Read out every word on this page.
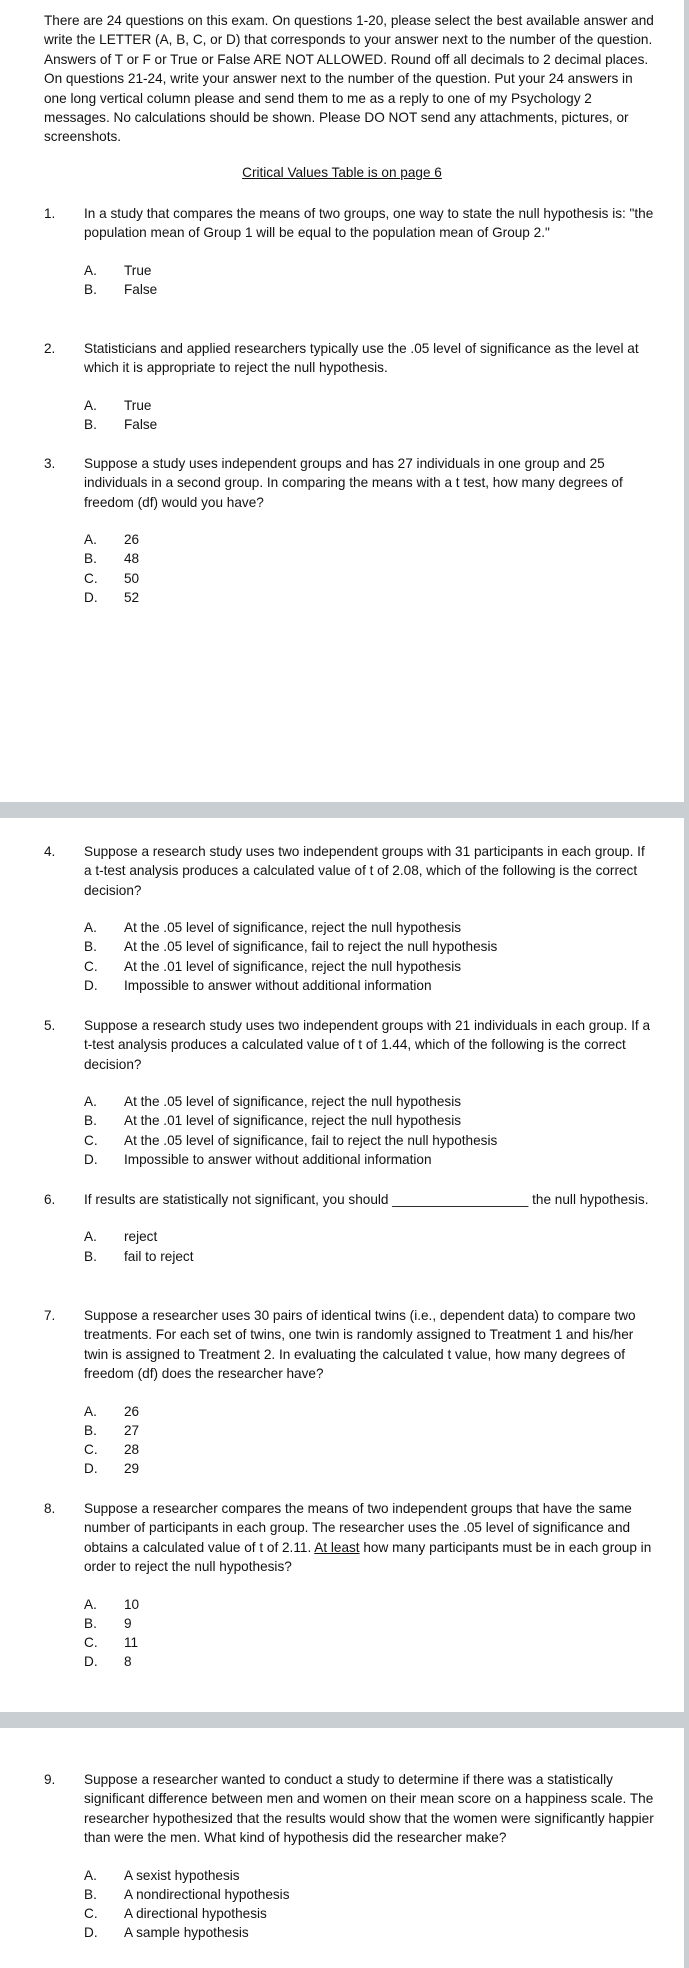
There are 24 questions on this exam. On questions 1-20, please select the best available answer and write the LETTER (A, B, C, or D) that corresponds to your answer next to the number of the question. Answers of T or F or True or False ARE NOT ALLOWED. Round off all decimals to 2 decimal places. On questions 21-24, write your answer next to the number of the question. Put your 24 answers in one long vertical column please and send them to me as a reply to one of my Psychology 2 messages. No calculations should be shown. Please DO NOT send any attachments, pictures, or screenshots.

Critical Values Table is on page 6

1. In a study that compares the means of two groups, one way to state the null hypothesis is: "the population mean of Group 1 will be equal to the population mean of Group 2."
A. True
B. False
2. Statisticians and applied researchers typically use the .05 level of significance as the level at which it is appropriate to reject the null hypothesis.
A. True
B. False
3. Suppose a study uses independent groups and has 27 individuals in one group and 25 individuals in a second group. In comparing the means with a t test, how many degrees of freedom (df) would you have?
A. 26
B. 48
C. 50
D. 52
4. Suppose a research study uses two independent groups with 31 participants in each group. If a t-test analysis produces a calculated value of t of 2.08, which of the following is the correct decision?
A. At the .05 level of significance, reject the null hypothesis
B. At the .05 level of significance, fail to reject the null hypothesis
C. At the .01 level of significance, reject the null hypothesis
D. Impossible to answer without additional information
5. Suppose a research study uses two independent groups with 21 individuals in each group. If a t-test analysis produces a calculated value of t of 1.44, which of the following is the correct decision?
A. At the .05 level of significance, reject the null hypothesis
B. At the .01 level of significance, reject the null hypothesis
C. At the .05 level of significance, fail to reject the null hypothesis
D. Impossible to answer without additional information
6. If results are statistically not significant, you should __________________ the null hypothesis.
A. reject
B. fail to reject
7. Suppose a researcher uses 30 pairs of identical twins (i.e., dependent data) to compare two treatments. For each set of twins, one twin is randomly assigned to Treatment 1 and his/her twin is assigned to Treatment 2. In evaluating the calculated t value, how many degrees of freedom (df) does the researcher have?
A. 26
B. 27
C. 28
D. 29
8. Suppose a researcher compares the means of two independent groups that have the same number of participants in each group. The researcher uses the .05 level of significance and obtains a calculated value of t of 2.11. At least how many participants must be in each group in order to reject the null hypothesis?
A. 10
B. 9
C. 11
D. 8
9. Suppose a researcher wanted to conduct a study to determine if there was a statistically significant difference between men and women on their mean score on a happiness scale. The researcher hypothesized that the results would show that the women were significantly happier than were the men. What kind of hypothesis did the researcher make?
A. A sexist hypothesis
B. A nondirectional hypothesis
C. A directional hypothesis
D. A sample hypothesis
